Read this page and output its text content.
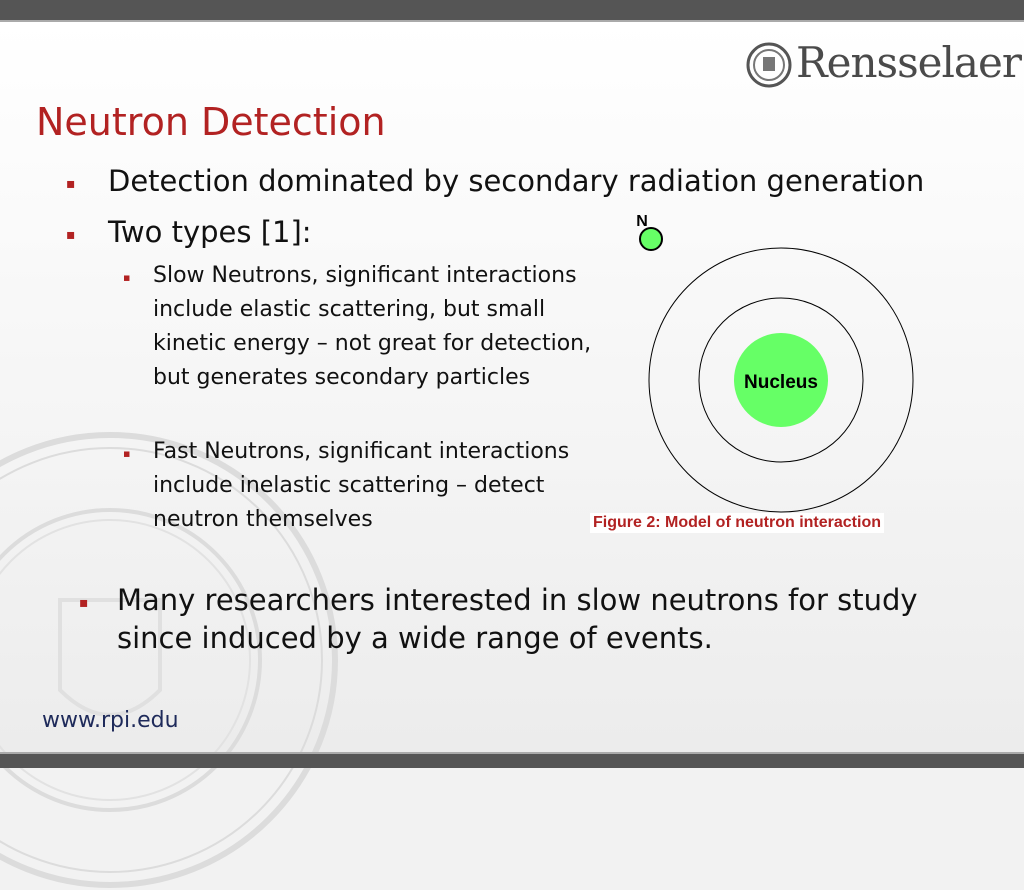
Rensselaer
Neutron Detection
▪ Detection dominated by secondary radiation generation
▪ Two types [1]:
▪ Slow Neutrons, significant interactions include elastic scattering, but small kinetic energy – not great for detection, but generates secondary particles
▪ Fast Neutrons, significant interactions include inelastic scattering – detect neutron themselves
▪ Many researchers interested in slow neutrons for study since induced by a wide range of events.
Nucleus
N
Figure 2: Model of neutron interaction
www.rpi.edu
